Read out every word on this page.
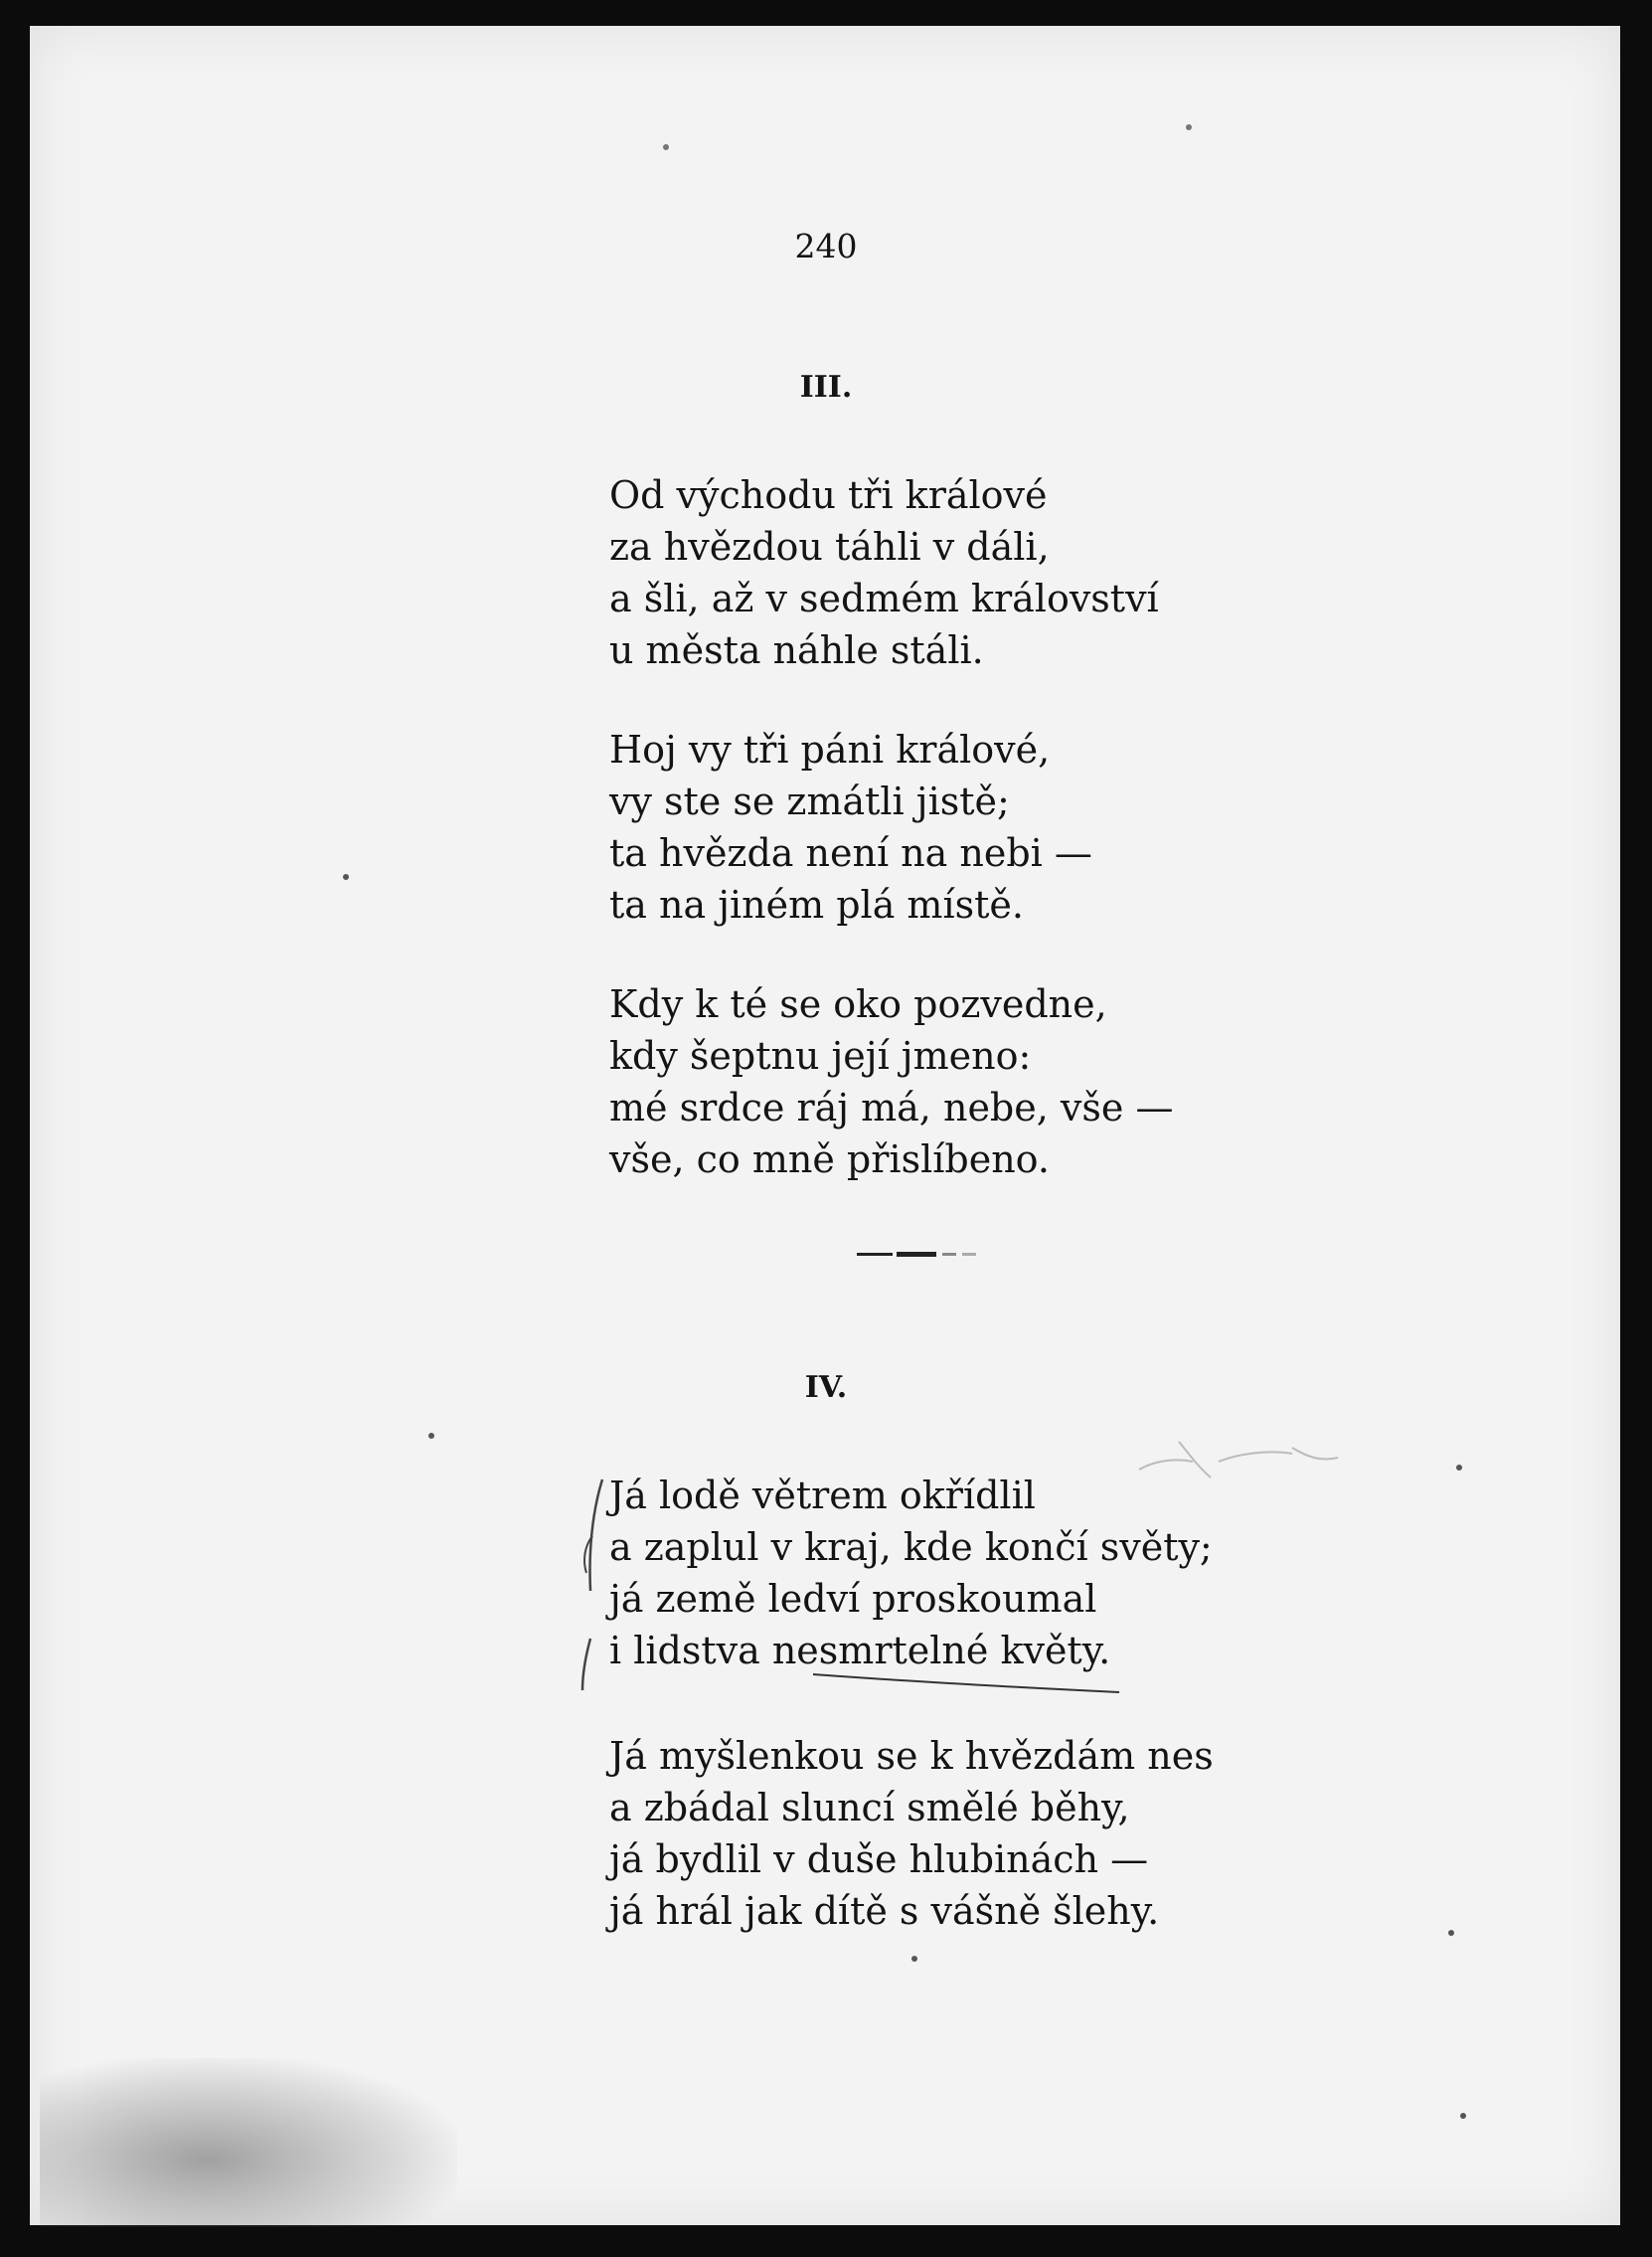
240
III.
Od východu tři králové
za hvězdou táhli v dáli,
a šli, až v sedmém království
u města náhle stáli.
Hoj vy tři páni králové,
vy ste se zmátli jistě;
ta hvězda není na nebi —
ta na jiném plá místě.
Kdy k té se oko pozvedne,
kdy šeptnu její jmeno:
mé srdce ráj má, nebe, vše —
vše, co mně přislíbeno.
IV.
Já lodě větrem okřídlil
a zaplul v kraj, kde končí světy;
já země ledví proskoumal
i lidstva nesmrtelné květy.
Já myšlenkou se k hvězdám nes
a zbádal sluncí smělé běhy,
já bydlil v duše hlubinách —
já hrál jak dítě s vášně šlehy.
